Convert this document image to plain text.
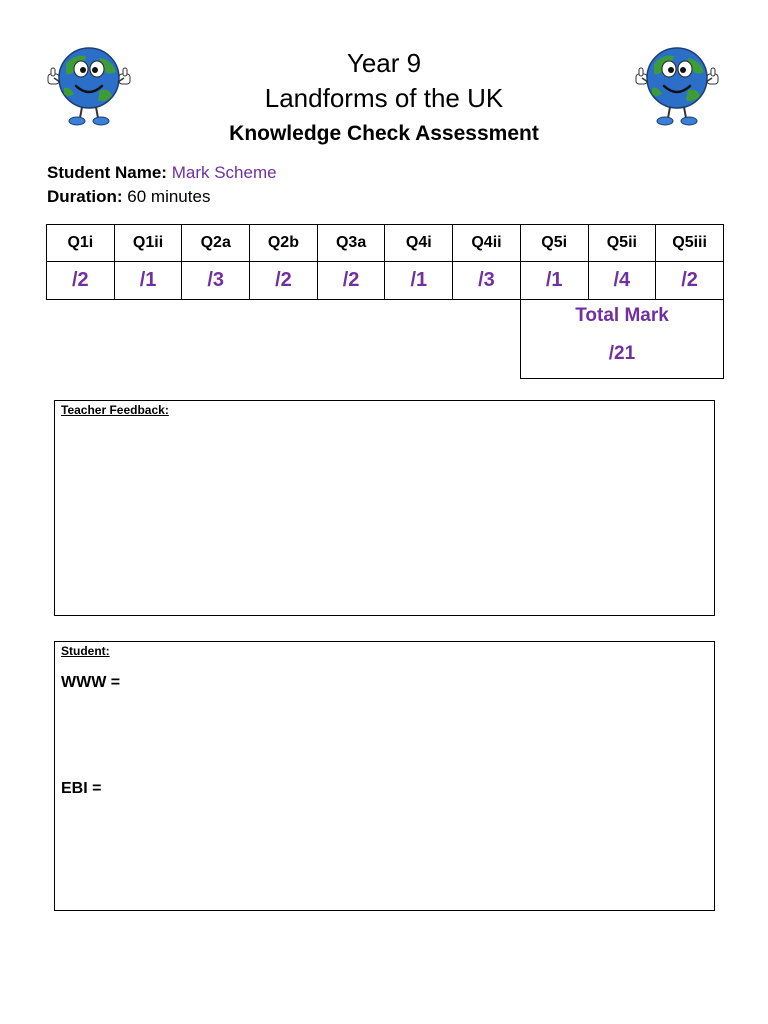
Year 9
Landforms of the UK
Knowledge Check Assessment
Student Name: Mark Scheme
Duration: 60 minutes
Q1i	Q1ii	Q2a	Q2b	Q3a	Q4i	Q4ii	Q5i	Q5ii	Q5iii
/2	/1	/3	/2	/2	/1	/3	/1	/4	/2
Total Mark
/21
Teacher Feedback:
Student:
WWW =
EBI =
